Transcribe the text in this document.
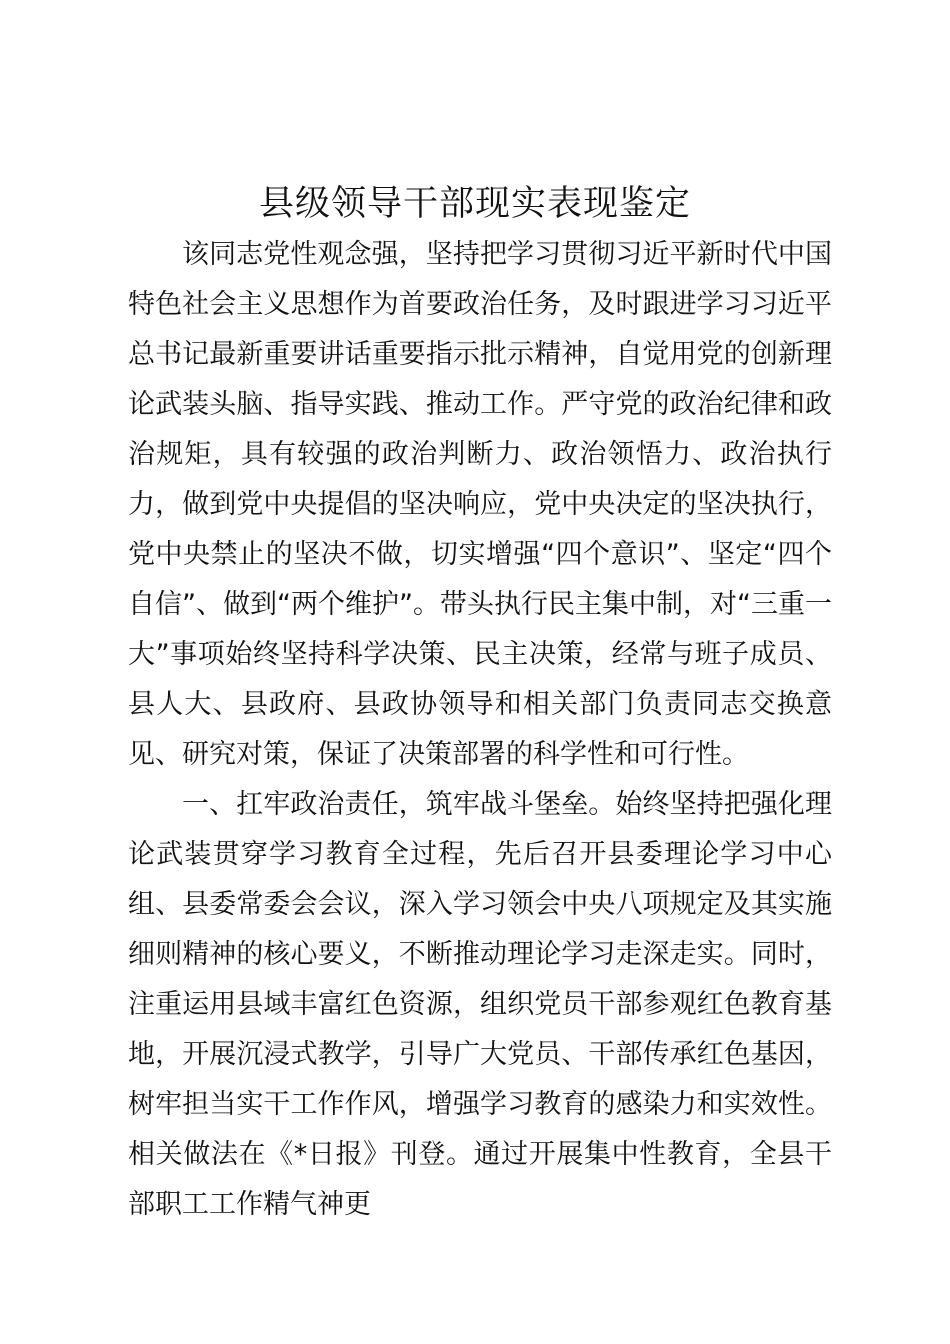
县级领导干部现实表现鉴定

该同志党性观念强，坚持把学习贯彻习近平新时代中国特色社会主义思想作为首要政治任务，及时跟进学习习近平总书记最新重要讲话重要指示批示精神，自觉用党的创新理论武装头脑、指导实践、推动工作。严守党的政治纪律和政治规矩，具有较强的政治判断力、政治领悟力、政治执行力，做到党中央提倡的坚决响应，党中央决定的坚决执行，党中央禁止的坚决不做，切实增强“四个意识”、坚定“四个自信”、做到“两个维护”。带头执行民主集中制，对“三重一大”事项始终坚持科学决策、民主决策，经常与班子成员、县人大、县政府、县政协领导和相关部门负责同志交换意见、研究对策，保证了决策部署的科学性和可行性。

一、扛牢政治责任，筑牢战斗堡垒。始终坚持把强化理论武装贯穿学习教育全过程，先后召开县委理论学习中心组、县委常委会会议，深入学习领会中央八项规定及其实施细则精神的核心要义，不断推动理论学习走深走实。同时，注重运用县域丰富红色资源，组织党员干部参观红色教育基地，开展沉浸式教学，引导广大党员、干部传承红色基因，树牢担当实干工作作风，增强学习教育的感染力和实效性。相关做法在《*日报》刊登。通过开展集中性教育，全县干部职工工作精气神更
